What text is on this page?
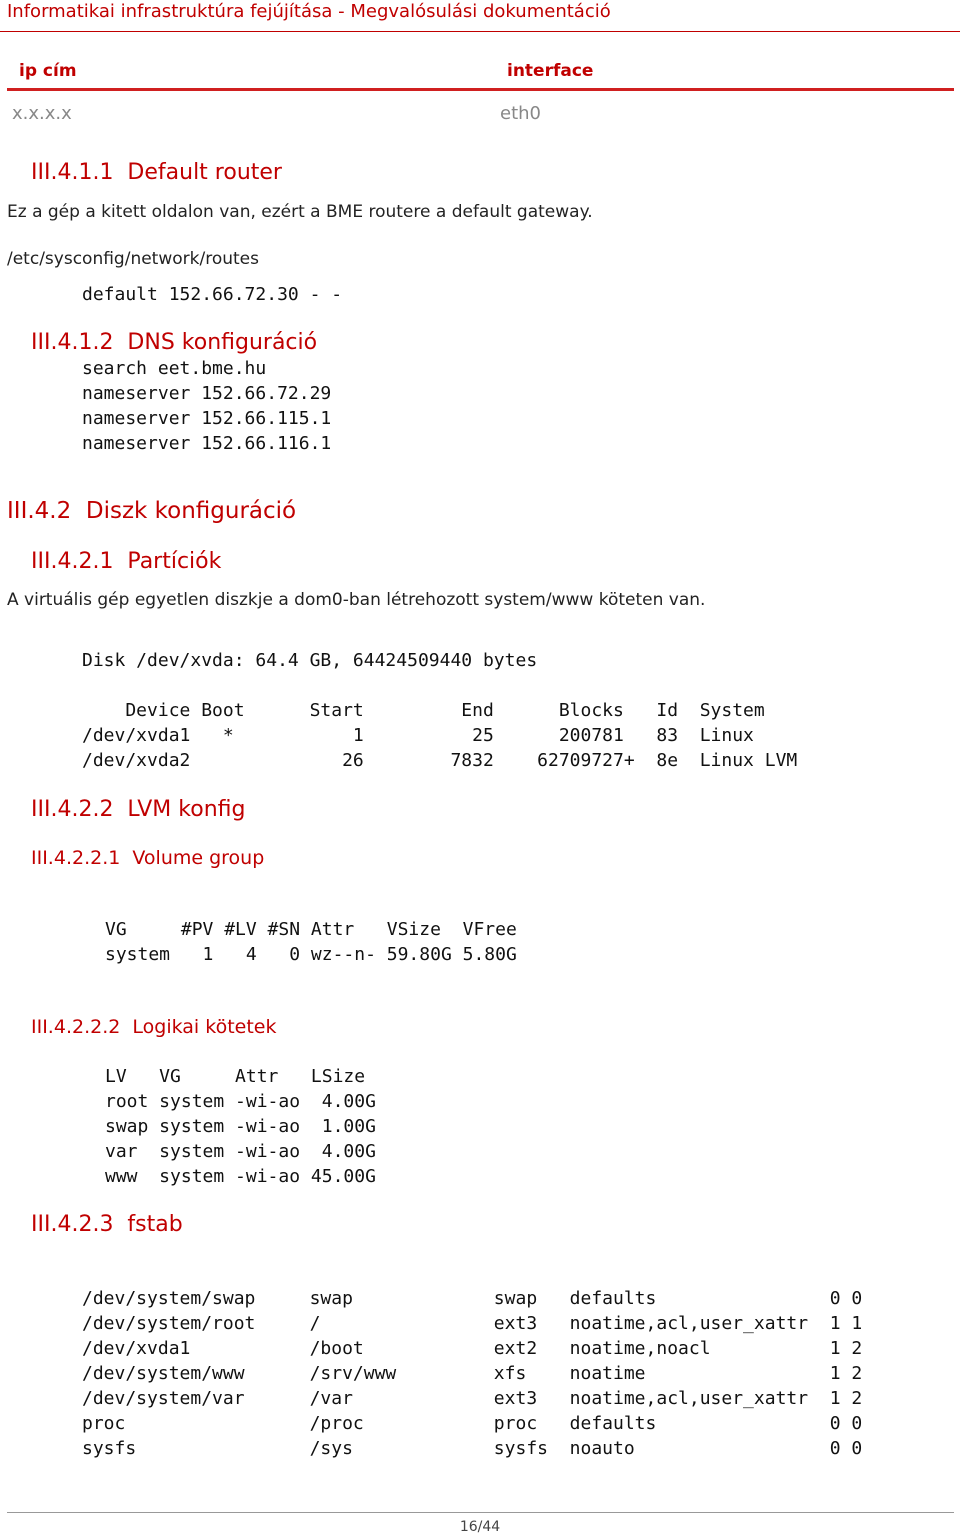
Informatikai infrastruktúra fejújítása - Megvalósulási dokumentáció
ip cím	interface
x.x.x.x	eth0
III.4.1.1  Default router
Ez a gép a kitett oldalon van, ezért a BME routere a default gateway.
/etc/sysconfig/network/routes
default 152.66.72.30 - -
III.4.1.2  DNS konfiguráció
search eet.bme.hu
nameserver 152.66.72.29
nameserver 152.66.115.1
nameserver 152.66.116.1
III.4.2  Diszk konfiguráció
III.4.2.1  Partíciók
A virtuális gép egyetlen diszkje a dom0-ban létrehozott system/www köteten van.
Disk /dev/xvda: 64.4 GB, 64424509440 bytes
Device Boot      Start         End      Blocks   Id  System
/dev/xvda1   *           1          25      200781   83  Linux
/dev/xvda2              26        7832    62709727+  8e  Linux LVM
III.4.2.2  LVM konfig
III.4.2.2.1  Volume group
VG     #PV #LV #SN Attr   VSize  VFree
system   1   4   0 wz--n- 59.80G 5.80G
III.4.2.2.2  Logikai kötetek
LV   VG     Attr   LSize
root system -wi-ao  4.00G
swap system -wi-ao  1.00G
var  system -wi-ao  4.00G
www  system -wi-ao 45.00G
III.4.2.3  fstab
/dev/system/swap     swap             swap   defaults                0 0
/dev/system/root     /                ext3   noatime,acl,user_xattr  1 1
/dev/xvda1           /boot            ext2   noatime,noacl           1 2
/dev/system/www      /srv/www         xfs    noatime                 1 2
/dev/system/var      /var             ext3   noatime,acl,user_xattr  1 2
proc                 /proc            proc   defaults                0 0
sysfs                /sys             sysfs  noauto                  0 0
16/44
